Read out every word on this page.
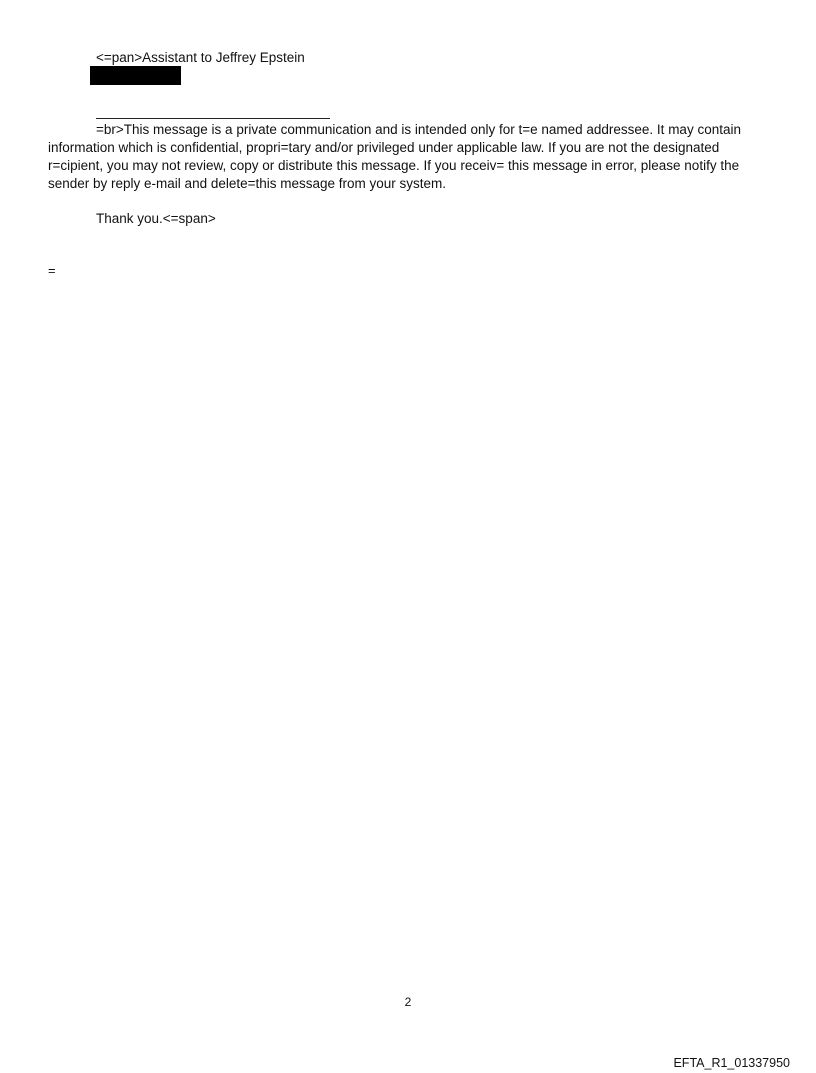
<=pan>Assistant to Jeffrey Epstein

=br>This message is a private communication and is intended only for t=e named addressee. It may contain information which is confidential, propri=tary and/or privileged under applicable law. If you are not the designated r=cipient, you may not review, copy or distribute this message. If you receiv= this message in error, please notify the sender by reply e-mail and delete=this message from your system.

Thank you.<=span>
=
2
EFTA_R1_01337950
